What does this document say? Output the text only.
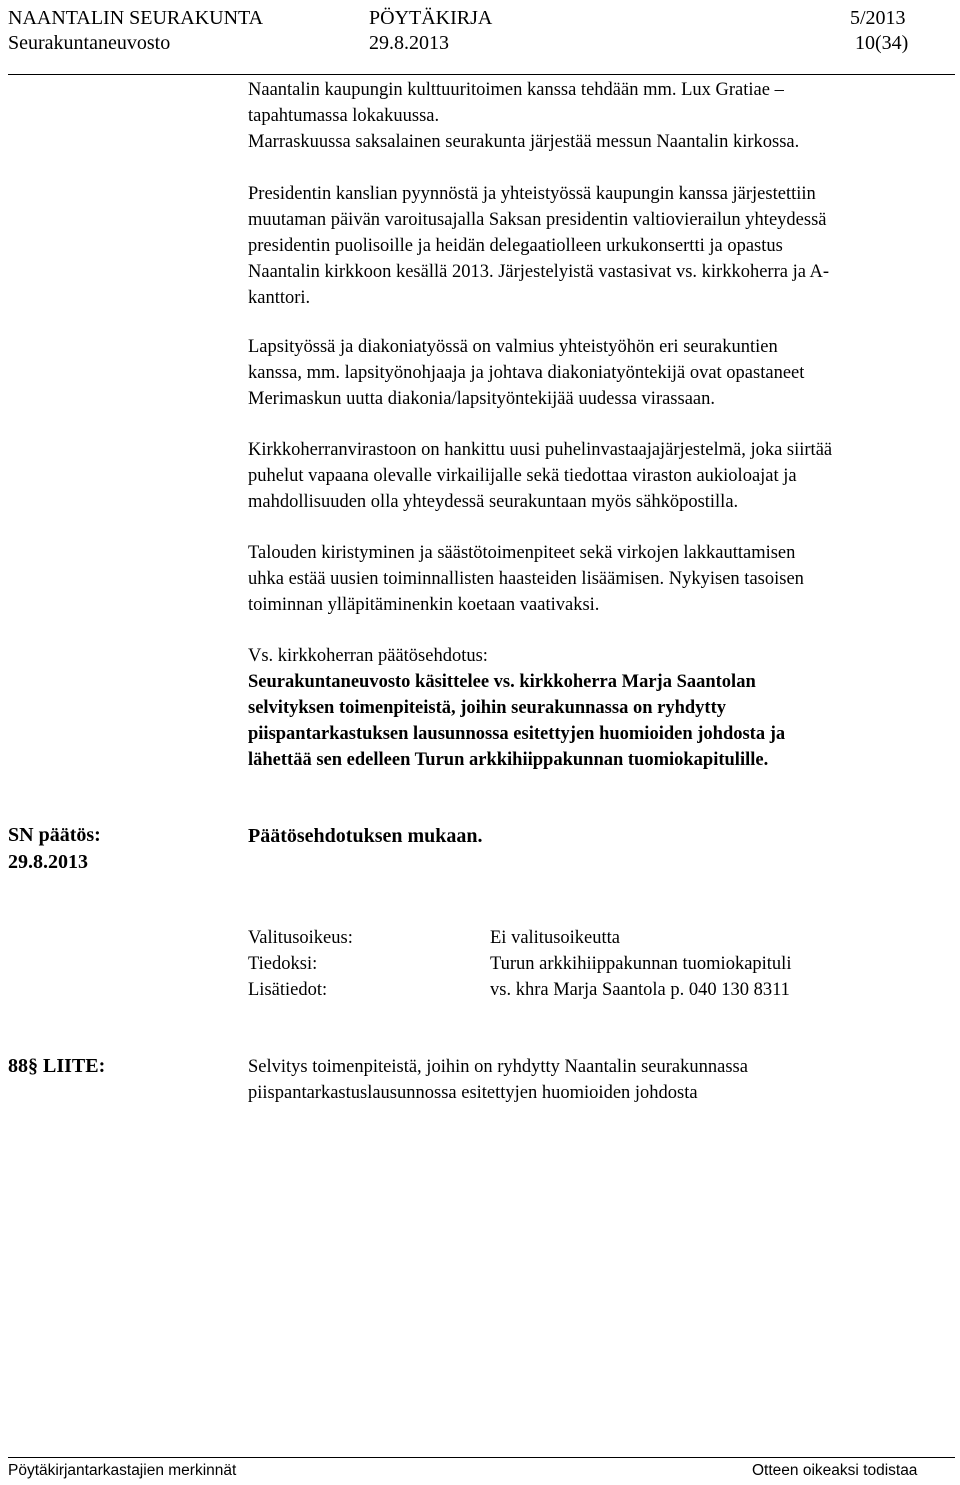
NAANTALIN SEURAKUNTA	PÖYTÄKIRJA	5/2013
Seurakuntaneuvosto	29.8.2013	10(34)

Naantalin kaupungin kulttuuritoimen kanssa tehdään mm. Lux Gratiae –
tapahtumassa lokakuussa.
Marraskuussa saksalainen seurakunta järjestää messun Naantalin kirkossa.

Presidentin kanslian pyynnöstä ja yhteistyössä kaupungin kanssa järjestettiin
muutaman päivän varoitusajalla Saksan presidentin valtiovierailun yhteydessä
presidentin puolisoille ja heidän delegaatiolleen urkukonsertti ja opastus
Naantalin kirkkoon kesällä 2013. Järjestelyistä vastasivat vs. kirkkoherra ja A-
kanttori.

Lapsityössä ja diakoniatyössä on valmius yhteistyöhön eri seurakuntien
kanssa, mm. lapsityönohjaaja ja johtava diakoniatyöntekijä ovat opastaneet
Merimaskun uutta diakonia/lapsityöntekijää uudessa virassaan.

Kirkkoherranvirastoon on hankittu uusi puhelinvastaajajärjestelmä, joka siirtää
puhelut vapaana olevalle virkailijalle sekä tiedottaa viraston aukioloajat ja
mahdollisuuden olla yhteydessä seurakuntaan myös sähköpostilla.

Talouden kiristyminen ja säästötoimenpiteet sekä virkojen lakkauttamisen
uhka estää uusien toiminnallisten haasteiden lisäämisen. Nykyisen tasoisen
toiminnan ylläpitäminenkin koetaan vaativaksi.

Vs. kirkkoherran päätösehdotus:

Seurakuntaneuvosto käsittelee vs. kirkkoherra Marja Saantolan
selvityksen toimenpiteistä, joihin seurakunnassa on ryhdytty
piispantarkastuksen lausunnossa esitettyjen huomioiden johdosta ja
lähettää sen edelleen Turun arkkihiippakunnan tuomiokapitulille.

SN päätös:
29.8.2013
Päätösehdotuksen mukaan.
Valitusoikeus:	Ei valitusoikeutta
Tiedoksi:	Turun arkkihiippakunnan tuomiokapituli
Lisätiedot:	vs. khra Marja Saantola p. 040 130 8311
88§ LIITE:	Selvitys toimenpiteistä, joihin on ryhdytty Naantalin seurakunnassa
piispantarkastuslausunnossa esitettyjen huomioiden johdosta

Pöytäkirjantarkastajien merkinnät	Otteen oikeaksi todistaa
